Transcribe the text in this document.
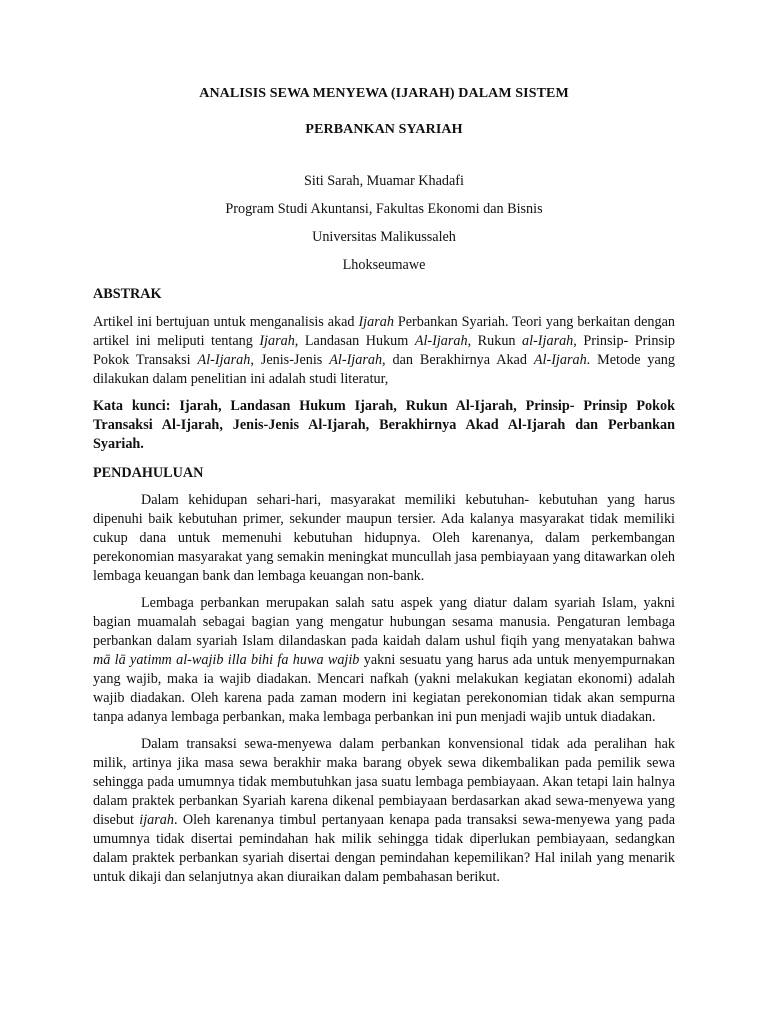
ANALISIS SEWA MENYEWA (IJARAH) DALAM SISTEM
PERBANKAN SYARIAH
Siti Sarah, Muamar Khadafi
Program Studi Akuntansi, Fakultas Ekonomi dan Bisnis
Universitas Malikussaleh
Lhokseumawe
ABSTRAK

Artikel ini bertujuan untuk menganalisis akad Ijarah Perbankan Syariah. Teori yang berkaitan dengan artikel ini meliputi tentang Ijarah, Landasan Hukum Al-Ijarah, Rukun al-Ijarah, Prinsip- Prinsip Pokok Transaksi Al-Ijarah, Jenis-Jenis Al-Ijarah, dan Berakhirnya Akad Al-Ijarah. Metode yang dilakukan dalam penelitian ini adalah studi literatur,

Kata kunci: Ijarah, Landasan Hukum Ijarah, Rukun Al-Ijarah, Prinsip- Prinsip Pokok Transaksi Al-Ijarah, Jenis-Jenis Al-Ijarah, Berakhirnya Akad Al-Ijarah dan Perbankan Syariah.

PENDAHULUAN

Dalam kehidupan sehari-hari, masyarakat memiliki kebutuhan- kebutuhan yang harus dipenuhi baik kebutuhan primer, sekunder maupun tersier. Ada kalanya masyarakat tidak memiliki cukup dana untuk memenuhi kebutuhan hidupnya. Oleh karenanya, dalam perkembangan perekonomian masyarakat yang semakin meningkat muncullah jasa pembiayaan yang ditawarkan oleh lembaga keuangan bank dan lembaga keuangan non-bank.

Lembaga perbankan merupakan salah satu aspek yang diatur dalam syariah Islam, yakni bagian muamalah sebagai bagian yang mengatur hubungan sesama manusia. Pengaturan lembaga perbankan dalam syariah Islam dilandaskan pada kaidah dalam ushul fiqih yang menyatakan bahwa mā lā yatimm al-wajib illa bihi fa huwa wajib yakni sesuatu yang harus ada untuk menyempurnakan yang wajib, maka ia wajib diadakan. Mencari nafkah (yakni melakukan kegiatan ekonomi) adalah wajib diadakan. Oleh karena pada zaman modern ini kegiatan perekonomian tidak akan sempurna tanpa adanya lembaga perbankan, maka lembaga perbankan ini pun menjadi wajib untuk diadakan.

Dalam transaksi sewa-menyewa dalam perbankan konvensional tidak ada peralihan hak milik, artinya jika masa sewa berakhir maka barang obyek sewa dikembalikan pada pemilik sewa sehingga pada umumnya tidak membutuhkan jasa suatu lembaga pembiayaan. Akan tetapi lain halnya dalam praktek perbankan Syariah karena dikenal pembiayaan berdasarkan akad sewa-menyewa yang disebut ijarah. Oleh karenanya timbul pertanyaan kenapa pada transaksi sewa-menyewa yang pada umumnya tidak disertai pemindahan hak milik sehingga tidak diperlukan pembiayaan, sedangkan dalam praktek perbankan syariah disertai dengan pemindahan kepemilikan? Hal inilah yang menarik untuk dikaji dan selanjutnya akan diuraikan dalam pembahasan berikut.
